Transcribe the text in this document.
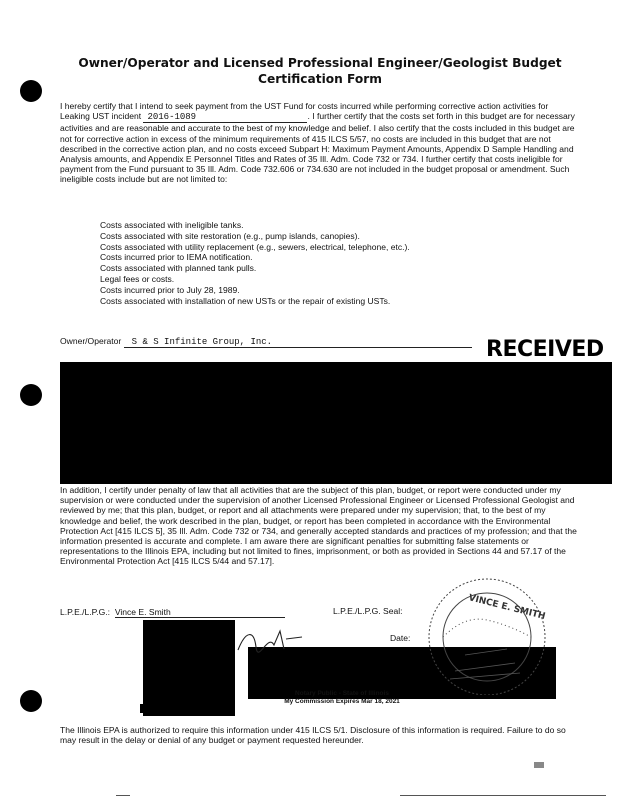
Owner/Operator and Licensed Professional Engineer/Geologist Budget
Certification Form

I hereby certify that I intend to seek payment from the UST Fund for costs incurred while performing corrective action activities for Leaking UST incident 2016-1089	. I further certify that the costs set forth in this budget are for necessary activities and are reasonable and accurate to the best of my knowledge and belief. I also certify that the costs included in this budget are not for corrective action in excess of the minimum requirements of 415 ILCS 5/57, no costs are included in this budget that are not described in the corrective action plan, and no costs exceed Subpart H: Maximum Payment Amounts, Appendix D Sample Handling and Analysis amounts, and Appendix E Personnel Titles and Rates of 35 Ill. Adm. Code 732 or 734. I further certify that costs ineligible for payment from the Fund pursuant to 35 Ill. Adm. Code 732.606 or 734.630 are not included in the budget proposal or amendment. Such ineligible costs include but are not limited to:

Costs associated with ineligible tanks.
Costs associated with site restoration (e.g., pump islands, canopies).
Costs associated with utility replacement (e.g., sewers, electrical, telephone, etc.).
Costs incurred prior to IEMA notification.
Costs associated with planned tank pulls.
Legal fees or costs.
Costs incurred prior to July 28, 1989.
Costs associated with installation of new USTs or the repair of existing USTs.
Owner/Operator S & S Infinite Group, Inc.	RECEIVED

In addition, I certify under penalty of law that all activities that are the subject of this plan, budget, or report were conducted under my supervision or were conducted under the supervision of another Licensed Professional Engineer or Licensed Professional Geologist and reviewed by me; that this plan, budget, or report and all attachments were prepared under my supervision; that, to the best of my knowledge and belief, the work described in the plan, budget, or report has been completed in accordance with the Environmental Protection Act [415 ILCS 5], 35 Ill. Adm. Code 732 or 734, and generally accepted standards and practices of my profession; and that the information presented is accurate and complete. I am aware there are significant penalties for submitting false statements or representations to the Illinois EPA, including but not limited to fines, imprisonment, or both as provided in Sections 44 and 57.17 of the Environmental Protection Act [415 ILCS 5/44 and 57.17].

L.P.E./L.P.G.: Vince E. Smith	L.P.E./L.P.G. Seal:
Date:
VINCE E. SMITH
Notary Public - State of Illinois
My Commission Expires Mar 18, 2021

The Illinois EPA is authorized to require this information under 415 ILCS 5/1. Disclosure of this information is required. Failure to do so may result in the delay or denial of any budget or payment requested hereunder.
